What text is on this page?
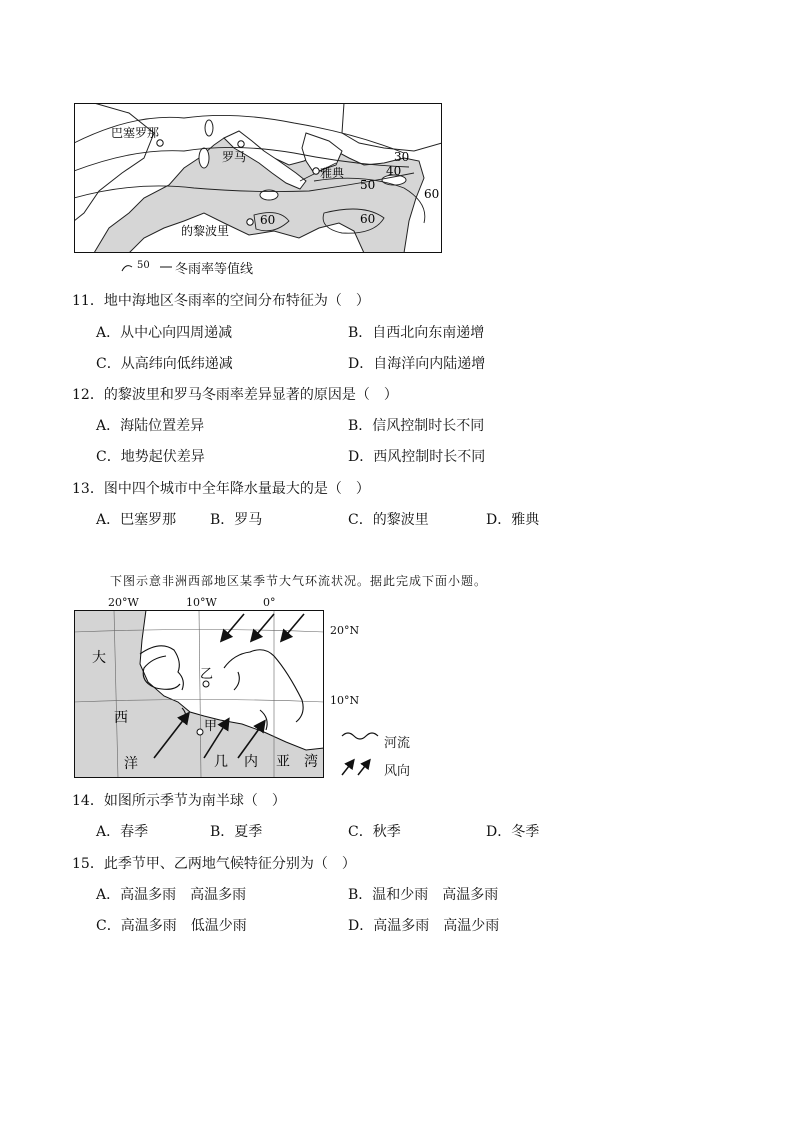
巴塞罗那
罗马
雅典
的黎波里
30
40
50
60
60	60
50 冬雨率等值线
11．地中海地区冬雨率的空间分布特征为（　）
A．从中心向四周递减	B．自西北向东南递增
C．从高纬向低纬递减	D．自海洋向内陆递增
12．的黎波里和罗马冬雨率差异显著的原因是（　）
A．海陆位置差异	B．信风控制时长不同
C．地势起伏差异	D．西风控制时长不同
13．图中四个城市中全年降水量最大的是（　）
A．巴塞罗那 B．罗马	C．的黎波里	D．雅典
下图示意非洲西部地区某季节大气环流状况。据此完成下面小题。
20°W	10°W	0°
20°N
10°N
大
西
洋	几 内 亚 湾
乙
甲
河流
风向
14．如图所示季节为南半球（　）
A．春季	B．夏季	C．秋季	D．冬季
15．此季节甲、乙两地气候特征分别为（　）
A．高温多雨　高温多雨	B．温和少雨　高温多雨
C．高温多雨　低温少雨	D．高温多雨　高温少雨
